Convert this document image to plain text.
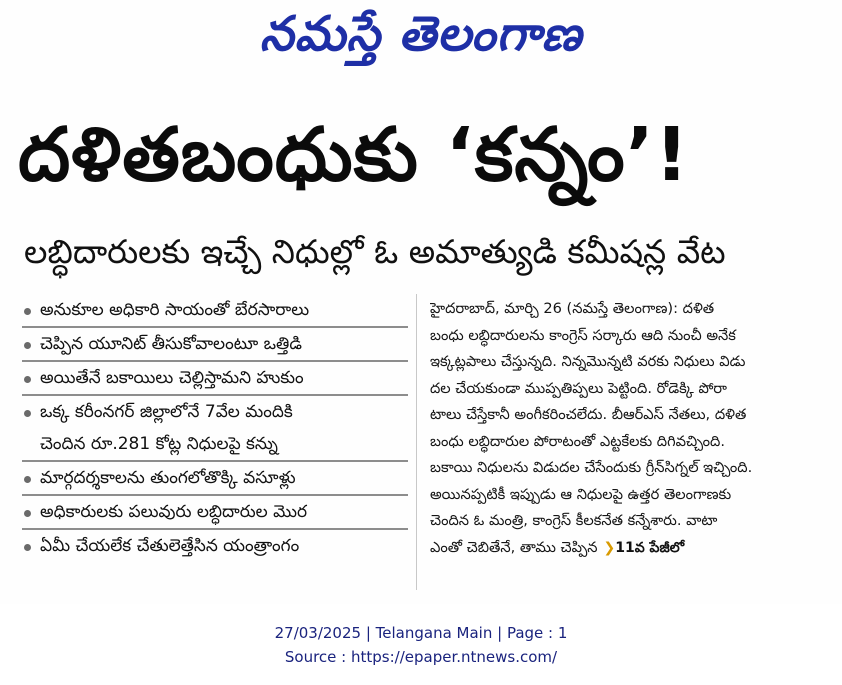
నమస్తే తెలంగాణ
దళితబంధుకు ‘కన్నం’!
లబ్ధిదారులకు ఇచ్చే నిధుల్లో ఓ అమాత్యుడి కమీషన్ల వేట
అనుకూల అధికారి సాయంతో బేరసారాలు
చెప్పిన యూనిట్ తీసుకోవాలంటూ ఒత్తిడి
అయితేనే బకాయిలు చెల్లిస్తామని హుకుం
ఒక్క కరీంనగర్ జిల్లాలోనే 7వేల మందికి
చెందిన రూ.281 కోట్ల నిధులపై కన్ను
మార్గదర్శకాలను తుంగలోతొక్కి వసూళ్లు
అధికారులకు పలువురు లబ్ధిదారుల మొర
ఏమీ చేయలేక చేతులెత్తేసిన యంత్రాంగం
హైదరాబాద్, మార్చి 26 (నమస్తే తెలంగాణ): దళిత
బంధు లబ్ధిదారులను కాంగ్రెస్ సర్కారు ఆది నుంచీ అనేక
ఇక్కట్లపాలు చేస్తున్నది. నిన్నమొన్నటి వరకు నిధులు విడు
దల చేయకుండా ముప్పతిప్పలు పెట్టింది. రోడెక్కి పోరా
టాలు చేస్తేకానీ అంగీకరించలేదు. బీఆర్ఎస్ నేతలు, దళిత
బంధు లబ్ధిదారుల పోరాటంతో ఎట్టకేలకు దిగివచ్చింది.
బకాయి నిధులను విడుదల చేసేందుకు గ్రీన్‌సిగ్నల్ ఇచ్చింది.
అయినప్పటికీ ఇప్పుడు ఆ నిధులపై ఉత్తర తెలంగాణకు
చెందిన ఓ మంత్రి, కాంగ్రెస్ కీలకనేత కన్నేశారు. వాటా
ఎంతో చెబితేనే, తాము చెప్పిన ❯11వ పేజీలో
27/03/2025 | Telangana Main | Page : 1
Source : https://epaper.ntnews.com/
